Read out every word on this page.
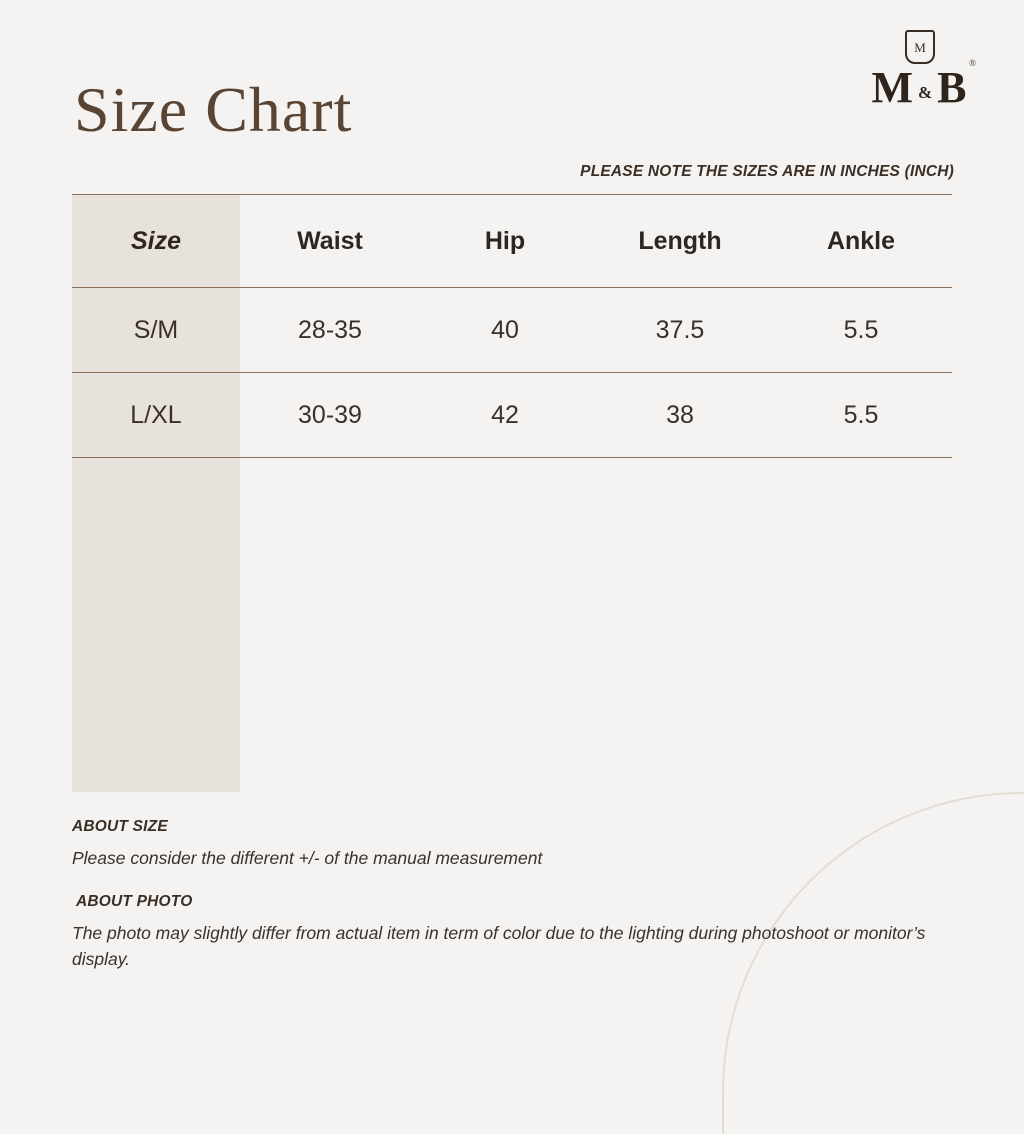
Size Chart
M
M & B ®
PLEASE NOTE THE SIZES ARE IN INCHES (INCH)
Size	Waist	Hip	Length	Ankle
S/M	28-35	40	37.5	5.5
L/XL	30-39	42	38	5.5
ABOUT SIZE
Please consider the different +/- of the manual measurement
ABOUT PHOTO
The photo may slightly differ from actual item in term of color due to the lighting during photoshoot or monitor’s display.
